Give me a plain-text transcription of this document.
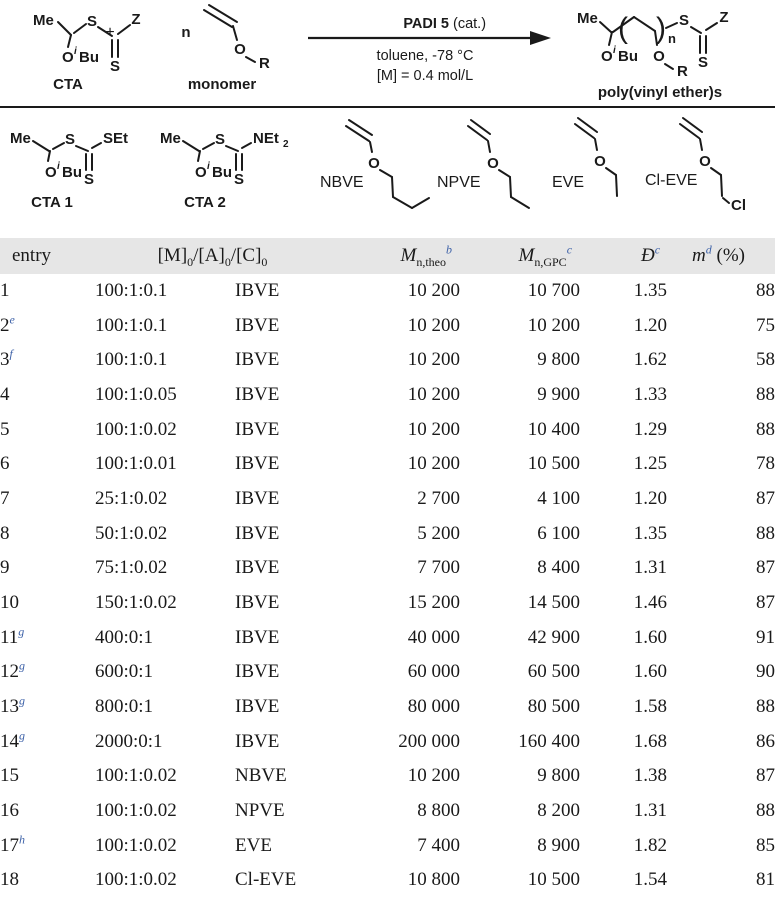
Me
O i Bu
S
S
Z
CTA
+	n
O
R
monomer
PADI 5 (cat.)
toluene, -78 °C
[M] = 0.4 mol/L
Me
O i Bu
( ) n
O
R
S
S
Z
poly(vinyl ether)s
Me
O i Bu
S
S
SEt
CTA 1
Me
O i Bu
S
S
NEt 2
CTA 2
NBVE
O
NPVE
O
EVE
O
Cl-EVE
O
Cl
entry	$[M]_0/[A]_0/[C]_0$		$M_{n,theo}^b$	$M_{n,GPC}^c$	$Đ^c$	$m^d$ (%)
1	100:1:0.1	IBVE	10 200	10 700	1.35	88
2e	100:1:0.1	IBVE	10 200	10 200	1.20	75
3$^f$	100:1:0.1	IBVE	10 200	9 800	1.62	58
4	100:1:0.05	IBVE	10 200	9 900	1.33	88
5	100:1:0.02	IBVE	10 200	10 400	1.29	88
6	100:1:0.01	IBVE	10 200	10 500	1.25	78
7	25:1:0.02	IBVE	2 700	4 100	1.20	87
8	50:1:0.02	IBVE	5 200	6 100	1.35	88
9	75:1:0.02	IBVE	7 700	8 400	1.31	87
10	150:1:0.02	IBVE	15 200	14 500	1.46	87
11$^g$	400:0:1	IBVE	40 000	42 900	1.60	91
12$^g$	600:0:1	IBVE	60 000	60 500	1.60	90
13$^g$	800:0:1	IBVE	80 000	80 500	1.58	88
14$^g$	2000:0:1	IBVE	200 000	160 400	1.68	86
15	100:1:0.02	NBVE	10 200	9 800	1.38	87
16	100:1:0.02	NPVE	8 800	8 200	1.31	88
17$^h$	100:1:0.02	EVE	7 400	8 900	1.82	85
18	100:1:0.02	Cl-EVE	10 800	10 500	1.54	81
